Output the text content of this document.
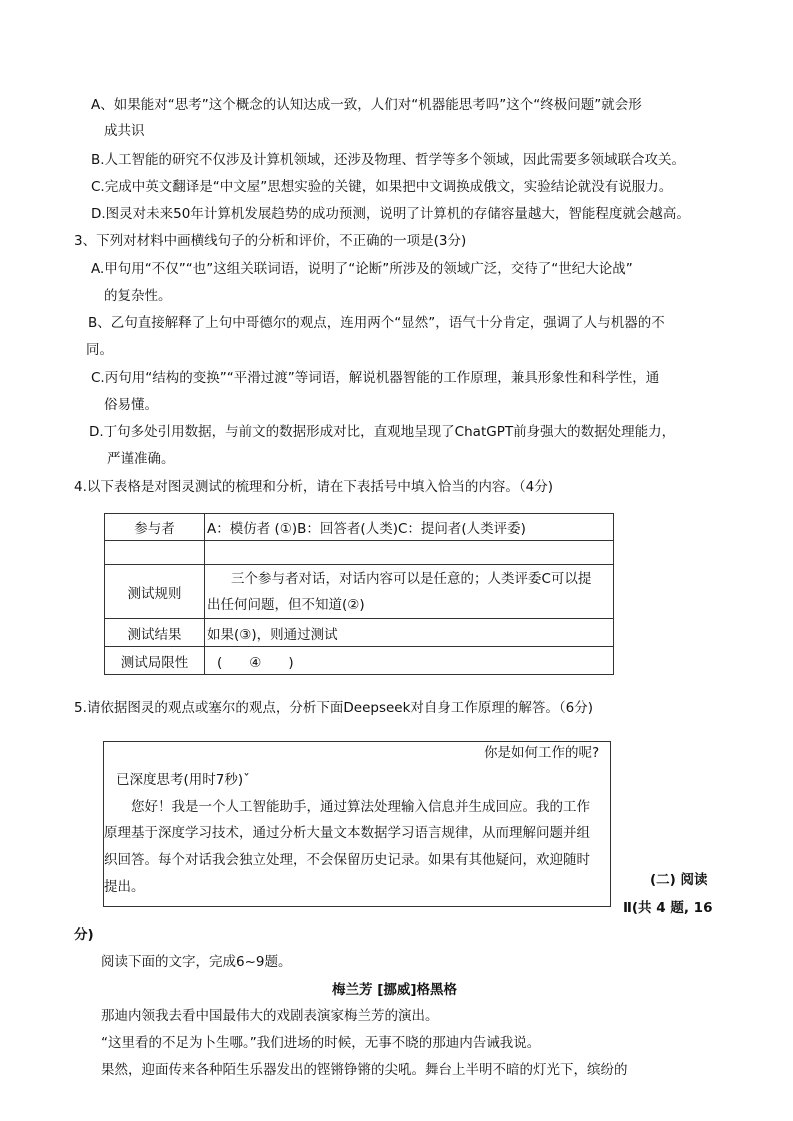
A、如果能对“思考”这个概念的认知达成一致，人们对“机器能思考吗”这个“终极问题”就会形
成共识
B.人工智能的研究不仅涉及计算机领域，还涉及物理、哲学等多个领域，因此需要多领域联合攻关。
C.完成中英文翻译是“中文屋”思想实验的关键，如果把中文调换成俄文，实验结论就没有说服力。
D.图灵对未来50年计算机发展趋势的成功预测，说明了计算机的存储容量越大，智能程度就会越高。
3、下列对材料中画横线句子的分析和评价，不正确的一项是(3分)
A.甲句用“不仅”“也”这组关联词语，说明了“论断”所涉及的领域广泛，交待了“世纪大论战”
的复杂性。
B、乙句直接解释了上句中哥德尔的观点，连用两个“显然”，语气十分肯定，强调了人与机器的不
同。
C.丙句用“结构的变换”“平滑过渡”等词语，解说机器智能的工作原理，兼具形象性和科学性，通
俗易懂。
D.丁句多处引用数据，与前文的数据形成对比，直观地呈现了ChatGPT前身强大的数据处理能力，
严谨准确。
4.以下表格是对图灵测试的梳理和分析，请在下表括号中填入恰当的内容。（4分)
参与者	A：模仿者 (①)B：回答者(人类)C：提问者(人类评委)

测试规则	三个参与者对话，对话内容可以是任意的；人类评委C可以提
出任何问题，但不知道(②)

测试结果	如果(③)，则通过测试
测试局限性	(　　④　　)
5.请依据图灵的观点或塞尔的观点，分析下面Deepseek对自身工作原理的解答。（6分)
你是如何工作的呢?
已深度思考(用时7秒)ˇ
您好！我是一个人工智能助手，通过算法处理输入信息并生成回应。我的工作
原理基于深度学习技术，通过分析大量文本数据学习语言规律，从而理解问题并组
织回答。每个对话我会独立处理，不会保留历史记录。如果有其他疑问，欢迎随时
提出。	(二) 阅读
Ⅱ(共 4 题, 16
分)
阅读下面的文字，完成6~9题。
梅兰芳 [挪威]格黑格
那迪内领我去看中国最伟大的戏剧表演家梅兰芳的演出。
“这里看的不足为卜生哪。”我们进场的时候，无事不晓的那迪内告诫我说。
果然，迎面传来各种陌生乐器发出的铿锵铮锵的尖吼。舞台上半明不暗的灯光下，缤纷的
